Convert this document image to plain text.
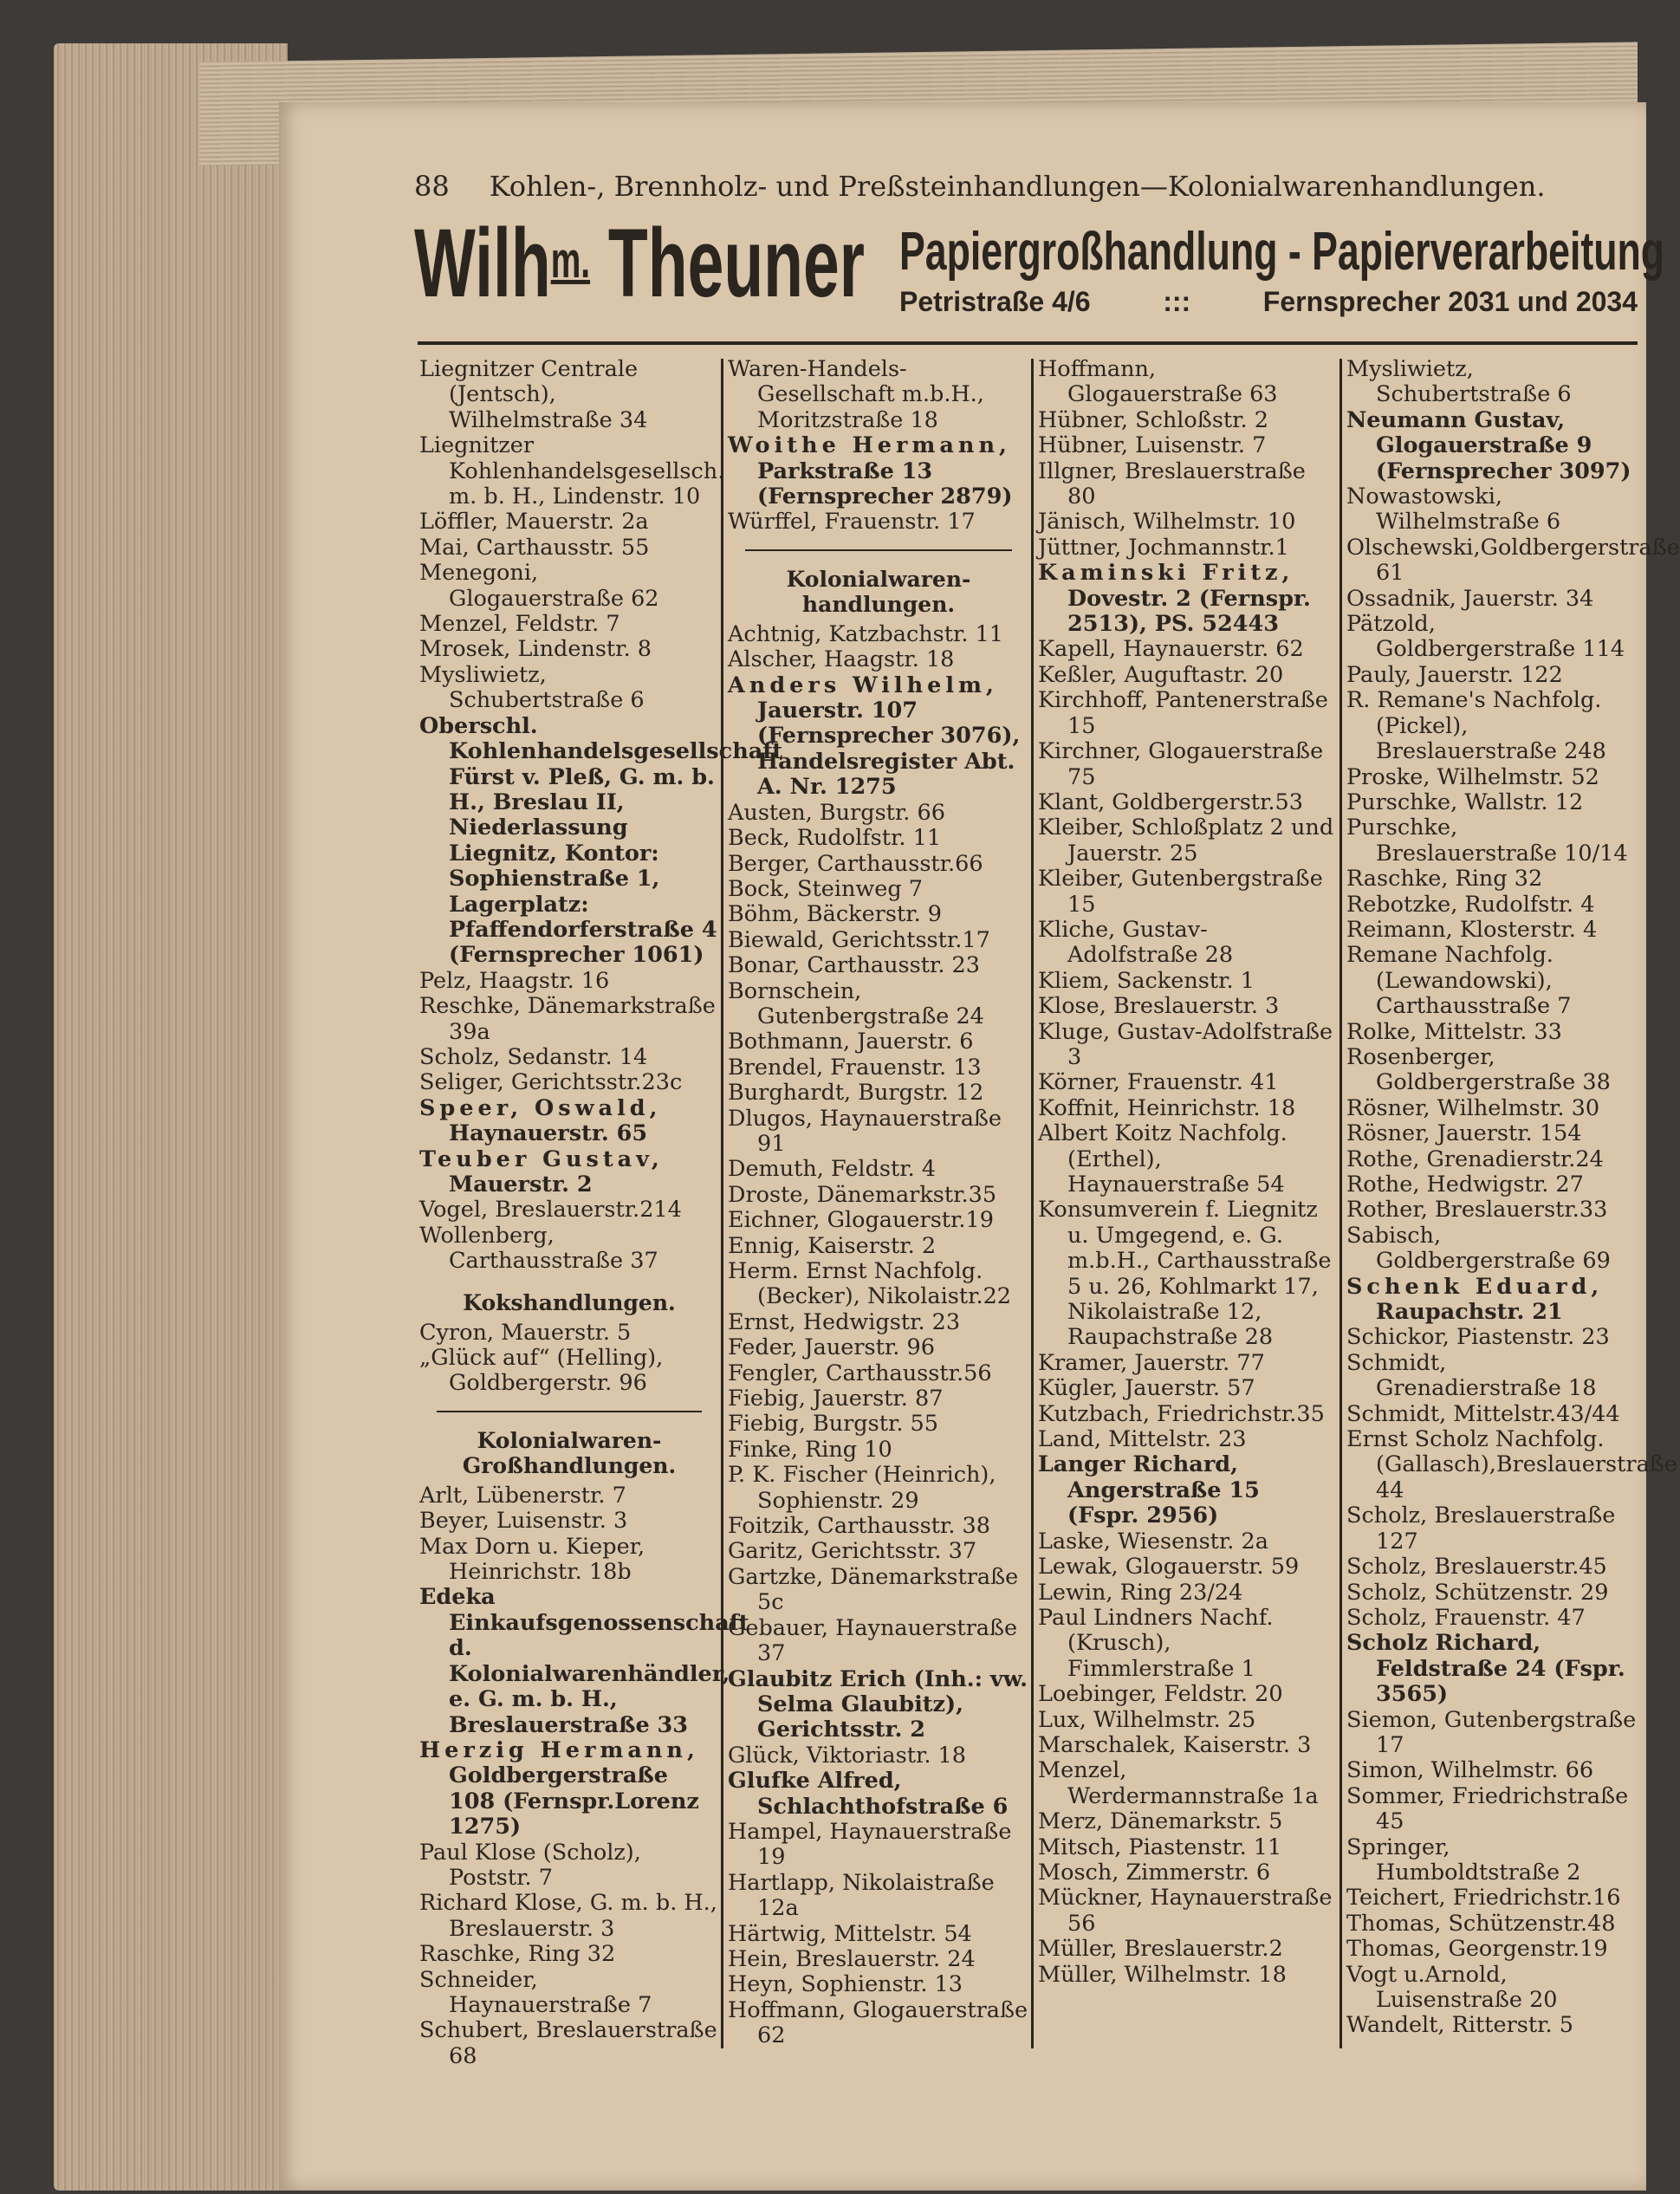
88 Kohlen-, Brennholz- und Preßsteinhandlungen—Kolonialwarenhandlungen.
Wilh$^{m.}$ Theuner Papiergroßhandlung - Papierverarbeitung
Petristraße 4/6	:::	Fernsprecher 2031 und 2034

Liegnitzer Centrale (Jentsch), Wilhelmstraße 34

Liegnitzer Kohlenhandelsgesellsch. m. b. H., Lindenstr. 10

Löffler, Mauerstr. 2a

Mai, Carthausstr. 55

Menegoni, Glogauerstraße 62

Menzel, Feldstr. 7

Mrosek, Lindenstr. 8

Mysliwietz, Schubertstraße 6

Oberschl. Kohlenhandelsgesellschaft Fürst v. Pleß, G. m. b. H., Breslau II, Niederlassung Liegnitz, Kontor: Sophienstraße 1, Lagerplatz: Pfaffendorferstraße 4 (Fernsprecher 1061)

Pelz, Haagstr. 16

Reschke, Dänemarkstraße 39a

Scholz, Sedanstr. 14

Seliger, Gerichtsstr.23c

Speer, Oswald, Haynauerstr. 65

Teuber Gustav, Mauerstr. 2

Vogel, Breslauerstr.214

Wollenberg, Carthausstraße 37

Kokshandlungen.

Cyron, Mauerstr. 5

„Glück auf“ (Helling), Goldbergerstr. 96

Kolonialwaren-
Großhandlungen.

Arlt, Lübenerstr. 7

Beyer, Luisenstr. 3

Max Dorn u. Kieper, Heinrichstr. 18b

Edeka Einkaufsgenossenschaft d. Kolonialwarenhändler, e. G. m. b. H., Breslauerstraße 33

Herzig Hermann, Goldbergerstraße 108 (Fernspr.Lorenz 1275)

Paul Klose (Scholz), Poststr. 7

Richard Klose, G. m. b. H., Breslauerstr. 3

Raschke, Ring 32

Schneider, Haynauerstraße 7

Schubert, Breslauerstraße 68

Waren-Handels-Gesellschaft m.b.H., Moritzstraße 18

Woithe Hermann, Parkstraße 13 (Fernsprecher 2879)

Würffel, Frauenstr. 17

Kolonialwaren-
handlungen.

Achtnig, Katzbachstr. 11

Alscher, Haagstr. 18

Anders Wilhelm, Jauerstr. 107 (Fernsprecher 3076), Handelsregister Abt. A. Nr. 1275

Austen, Burgstr. 66

Beck, Rudolfstr. 11

Berger, Carthausstr.66

Bock, Steinweg 7

Böhm, Bäckerstr. 9

Biewald, Gerichtsstr.17

Bonar, Carthausstr. 23

Bornschein, Gutenbergstraße 24

Bothmann, Jauerstr. 6

Brendel, Frauenstr. 13

Burghardt, Burgstr. 12

Dlugos, Haynauerstraße 91

Demuth, Feldstr. 4

Droste, Dänemarkstr.35

Eichner, Glogauerstr.19

Ennig, Kaiserstr. 2

Herm. Ernst Nachfolg. (Becker), Nikolaistr.22

Ernst, Hedwigstr. 23

Feder, Jauerstr. 96

Fengler, Carthausstr.56

Fiebig, Jauerstr. 87

Fiebig, Burgstr. 55

Finke, Ring 10

P. K. Fischer (Heinrich), Sophienstr. 29

Foitzik, Carthausstr. 38

Garitz, Gerichtsstr. 37

Gartzke, Dänemarkstraße 5c

Gebauer, Haynauerstraße 37

Glaubitz Erich (Inh.: vw. Selma Glaubitz), Gerichtsstr. 2

Glück, Viktoriastr. 18

Glufke Alfred, Schlachthofstraße 6

Hampel, Haynauerstraße 19

Hartlapp, Nikolaistraße 12a

Härtwig, Mittelstr. 54

Hein, Breslauerstr. 24

Heyn, Sophienstr. 13

Hoffmann, Glogauerstraße 62

Hoffmann, Glogauerstraße 63

Hübner, Schloßstr. 2

Hübner, Luisenstr. 7

Illgner, Breslauerstraße 80

Jänisch, Wilhelmstr. 10

Jüttner, Jochmannstr.1

Kaminski Fritz, Dovestr. 2 (Fernspr. 2513), PS. 52443

Kapell, Haynauerstr. 62

Keßler, Auguftastr. 20

Kirchhoff, Pantenerstraße 15

Kirchner, Glogauerstraße 75

Klant, Goldbergerstr.53

Kleiber, Schloßplatz 2 und Jauerstr. 25

Kleiber, Gutenbergstraße 15

Kliche, Gustav-Adolfstraße 28

Kliem, Sackenstr. 1

Klose, Breslauerstr. 3

Kluge, Gustav-Adolfstraße 3

Körner, Frauenstr. 41

Koffnit, Heinrichstr. 18

Albert Koitz Nachfolg. (Erthel), Haynauerstraße 54

Konsumverein f. Liegnitz u. Umgegend, e. G. m.b.H., Carthausstraße 5 u. 26, Kohlmarkt 17, Nikolaistraße 12, Raupachstraße 28

Kramer, Jauerstr. 77

Kügler, Jauerstr. 57

Kutzbach, Friedrichstr.35

Land, Mittelstr. 23

Langer Richard, Angerstraße 15 (Fspr. 2956)

Laske, Wiesenstr. 2a

Lewak, Glogauerstr. 59

Lewin, Ring 23/24

Paul Lindners Nachf. (Krusch), Fimmlerstraße 1

Loebinger, Feldstr. 20

Lux, Wilhelmstr. 25

Marschalek, Kaiserstr. 3

Menzel, Werdermannstraße 1a

Merz, Dänemarkstr. 5

Mitsch, Piastenstr. 11

Mosch, Zimmerstr. 6

Mückner, Haynauerstraße 56

Müller, Breslauerstr.2

Müller, Wilhelmstr. 18

Mysliwietz, Schubertstraße 6

Neumann Gustav, Glogauerstraße 9 (Fernsprecher 3097)

Nowastowski, Wilhelmstraße 6

Olschewski,Goldbergerstraße 61

Ossadnik, Jauerstr. 34

Pätzold, Goldbergerstraße 114

Pauly, Jauerstr. 122

R. Remane's Nachfolg. (Pickel), Breslauerstraße 248

Proske, Wilhelmstr. 52

Purschke, Wallstr. 12

Purschke, Breslauerstraße 10/14

Raschke, Ring 32

Rebotzke, Rudolfstr. 4

Reimann, Klosterstr. 4

Remane Nachfolg. (Lewandowski), Carthausstraße 7

Rolke, Mittelstr. 33

Rosenberger, Goldbergerstraße 38

Rösner, Wilhelmstr. 30

Rösner, Jauerstr. 154

Rothe, Grenadierstr.24

Rothe, Hedwigstr. 27

Rother, Breslauerstr.33

Sabisch, Goldbergerstraße 69

Schenk Eduard, Raupachstr. 21

Schickor, Piastenstr. 23

Schmidt, Grenadierstraße 18

Schmidt, Mittelstr.43/44

Ernst Scholz Nachfolg. (Gallasch),Breslauerstraße 44

Scholz, Breslauerstraße 127

Scholz, Breslauerstr.45

Scholz, Schützenstr. 29

Scholz, Frauenstr. 47

Scholz Richard, Feldstraße 24 (Fspr. 3565)

Siemon, Gutenbergstraße 17

Simon, Wilhelmstr. 66

Sommer, Friedrichstraße 45

Springer, Humboldtstraße 2

Teichert, Friedrichstr.16

Thomas, Schützenstr.48

Thomas, Georgenstr.19

Vogt u.Arnold, Luisenstraße 20

Wandelt, Ritterstr. 5
